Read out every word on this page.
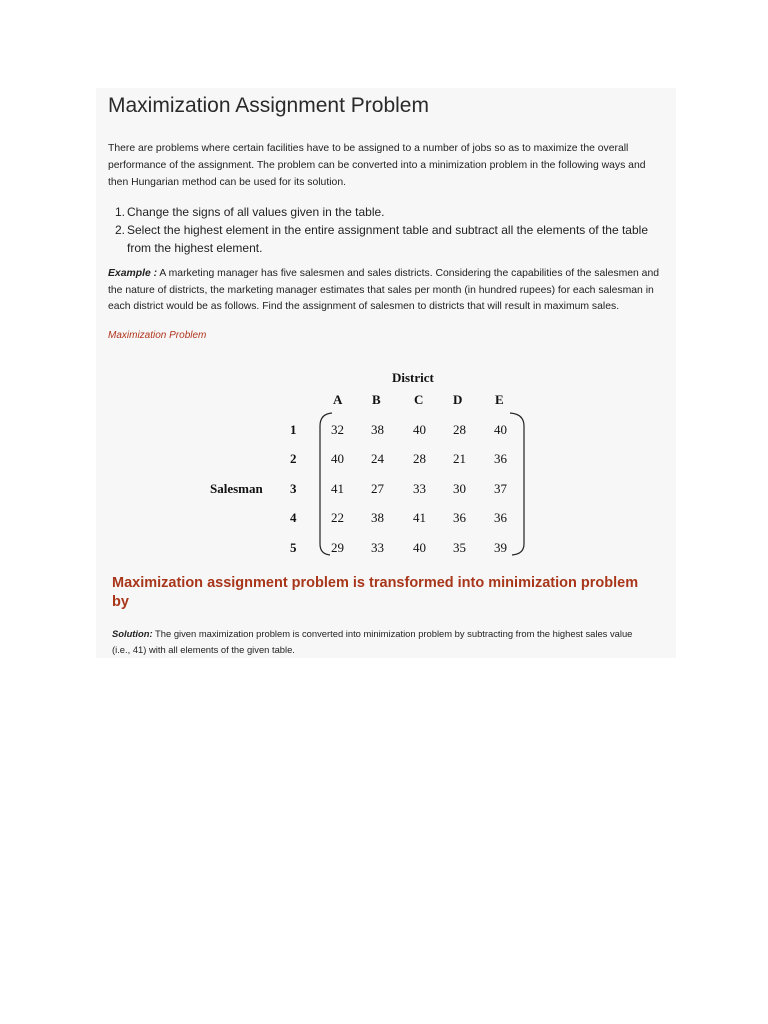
Maximization Assignment Problem

There are problems where certain facilities have to be assigned to a number of jobs so as to maximize the overall performance of the assignment. The problem can be converted into a minimization problem in the following ways and then Hungarian method can be used for its solution.

1. Change the signs of all values given in the table.
2. Select the highest element in the entire assignment table and subtract all the elements of the table from the highest element.

Example : A marketing manager has five salesmen and sales districts. Considering the capabilities of the salesmen and the nature of districts, the marketing manager estimates that sales per month (in hundred rupees) for each salesman in each district would be as follows. Find the assignment of salesmen to districts that will result in maximum sales.

Maximization Problem

District
A B	C D	E
Salesman
1
2
3
4
5
32 38 40 28 40
40 24 28 21 36
41 27 33 30 37
22 38 41 36 36
29 33 40 35 39

Maximization assignment problem is transformed into minimization problem by

Solution: The given maximization problem is converted into minimization problem by subtracting from the highest sales value (i.e., 41) with all elements of the given table.
